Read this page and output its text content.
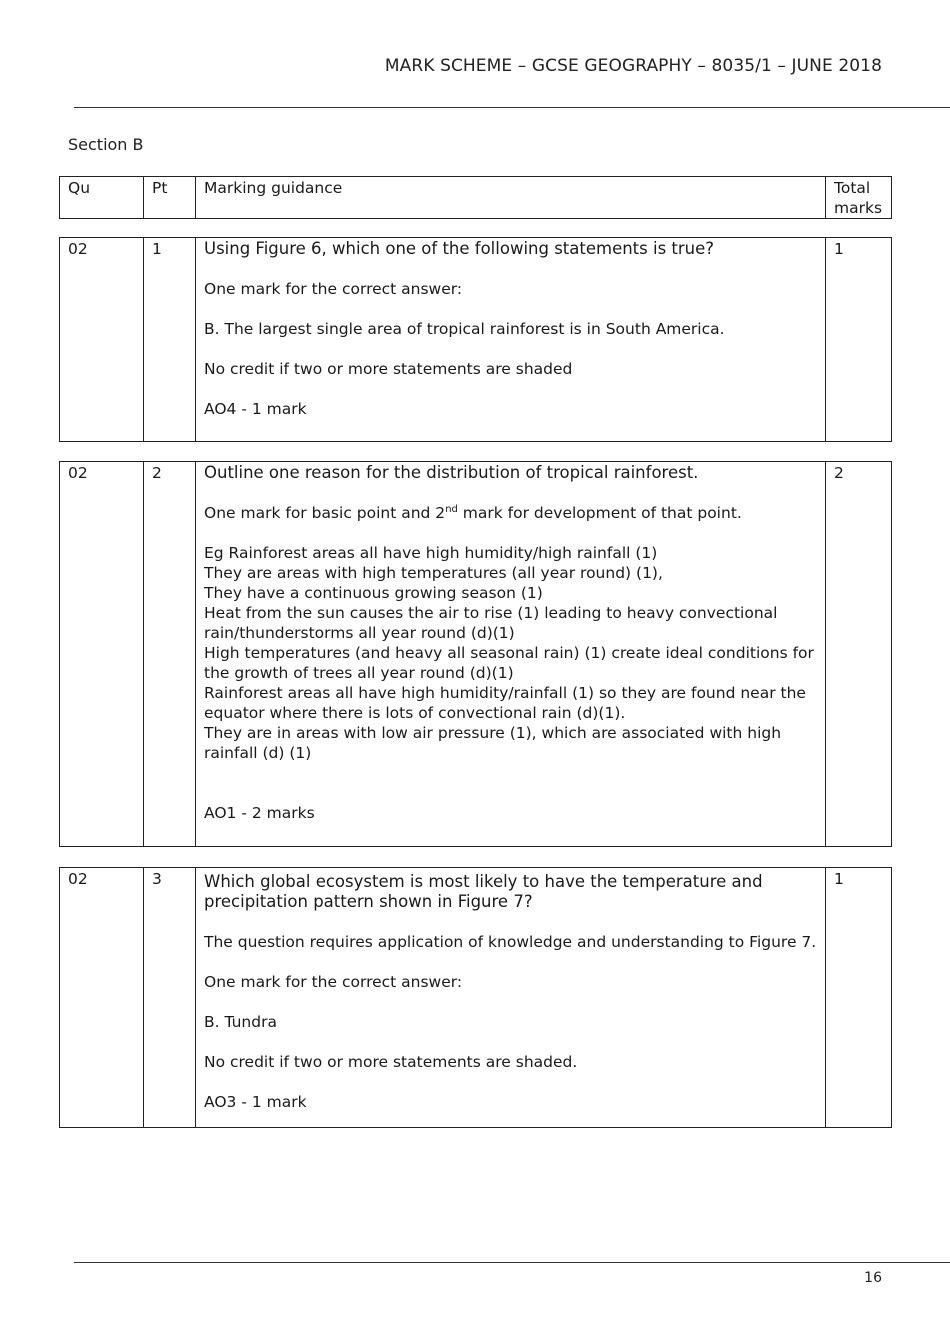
MARK SCHEME – GCSE GEOGRAPHY – 8035/1 – JUNE 2018
Section B
Qu	Pt	Marking guidance	Total marks
02	1	Using Figure 6, which one of the following statements is true?

One mark for the correct answer:

B. The largest single area of tropical rainforest is in South America.

No credit if two or more statements are shaded

AO4 - 1 mark

	1
02	2	Outline one reason for the distribution of tropical rainforest.

One mark for basic point and 2nd mark for development of that point.

Eg Rainforest areas all have high humidity/high rainfall (1)

They are areas with high temperatures (all year round) (1),

They have a continuous growing season (1)

Heat from the sun causes the air to rise (1) leading to heavy convectional rain/thunderstorms all year round (d)(1)

High temperatures (and heavy all seasonal rain) (1) create ideal conditions for the growth of trees all year round (d)(1)

Rainforest areas all have high humidity/rainfall (1) so they are found near the equator where there is lots of convectional rain (d)(1).

They are in areas with low air pressure (1), which are associated with high rainfall (d) (1)

AO1 - 2 marks

	2
02	3	Which global ecosystem is most likely to have the temperature and precipitation pattern shown in Figure 7?

The question requires application of knowledge and understanding to Figure 7.

One mark for the correct answer:

B. Tundra

No credit if two or more statements are shaded.

AO3 - 1 mark

	1
16
